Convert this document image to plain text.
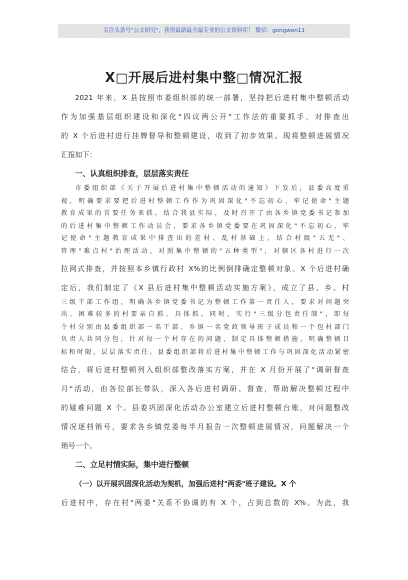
关注头条号"公文研究"，获得最新最全最专业的公文资料库！ 微信：gongwen11
X□开展后进村集中整□情况汇报
2021 年来，X 县按照市委组织部的统一部署，坚持把后进村集中整顿活动
作为加强基层组织建设和深化"四议两公开"工作法的重要抓手，对排查出
的 X 个后进村进行挂牌督导和整顿建设，收到了初步效果。现将整顿进展情况
汇报如下：
一、认真组织排查，层层落实责任
市委组织部《关于开展后进村集中整顿活动的通知》下发后，县委高度重
视，明确要求要把后进村整顿工作作为巩固深化"不忘初心、牢记使命"主题
教育成果的首要任务来抓。结合我县实际，及时召开了由各乡镇党委书记参加
的后进村集中整顿工作动员会，要求各乡镇党委要在巩固深化"不忘初心、牢
记使命"主题教育成果中排查出的差村、乱村基础上，结合村级"五无"、
管理"难点村"治理活动，对照集中整顿的"五种类型"，对辖区各村进行一次
拉网式排查，并按照本乡镇行政村 X%的比例倒排确定整顿对象。X 个后进村确
定后，我们制定了《X 县后进村集中整顿活动实施方案》，成立了县、乡、村
三级干部工作组，明确各乡镇党委书记为整顿工作第一责任人，要求对问题突
出、困难较多的村要亲自抓、具体抓。同时，实行"三级分包责任制"，即每
个村分别由县委组织部一名干部、乡镇一名党政领导班子成员和一个包村部门
负责人共同分包，针对每一个村存在的问题，制定具体整顿措施，明确整顿目
标和时限，层层落实责任。县委组织部将后进村集中整顿工作与巩固深化活动紧密
结合，将后进村整顿列入组织部整改落实方案，并在 X 月份开展了"调研督查
月"活动，由各位部长带队，深入各后进村调研、督查，帮助解决整顿过程中
的疑难问题 X 个。县委巩固深化活动办公室建立后进村整顿台账，对问题整改
情况逐档销号，要求各乡镇党委每半月报告一次整顿进展情况，问题解决一个
销号一个。
二、立足村情实际，集中进行整顿
（一）以开展巩固深化活动为契机，加强后进村"两委"班子建设。X 个
后进村中，存在村"两委"关系不协调的有 X 个，占到总数的 X%。为此，我
